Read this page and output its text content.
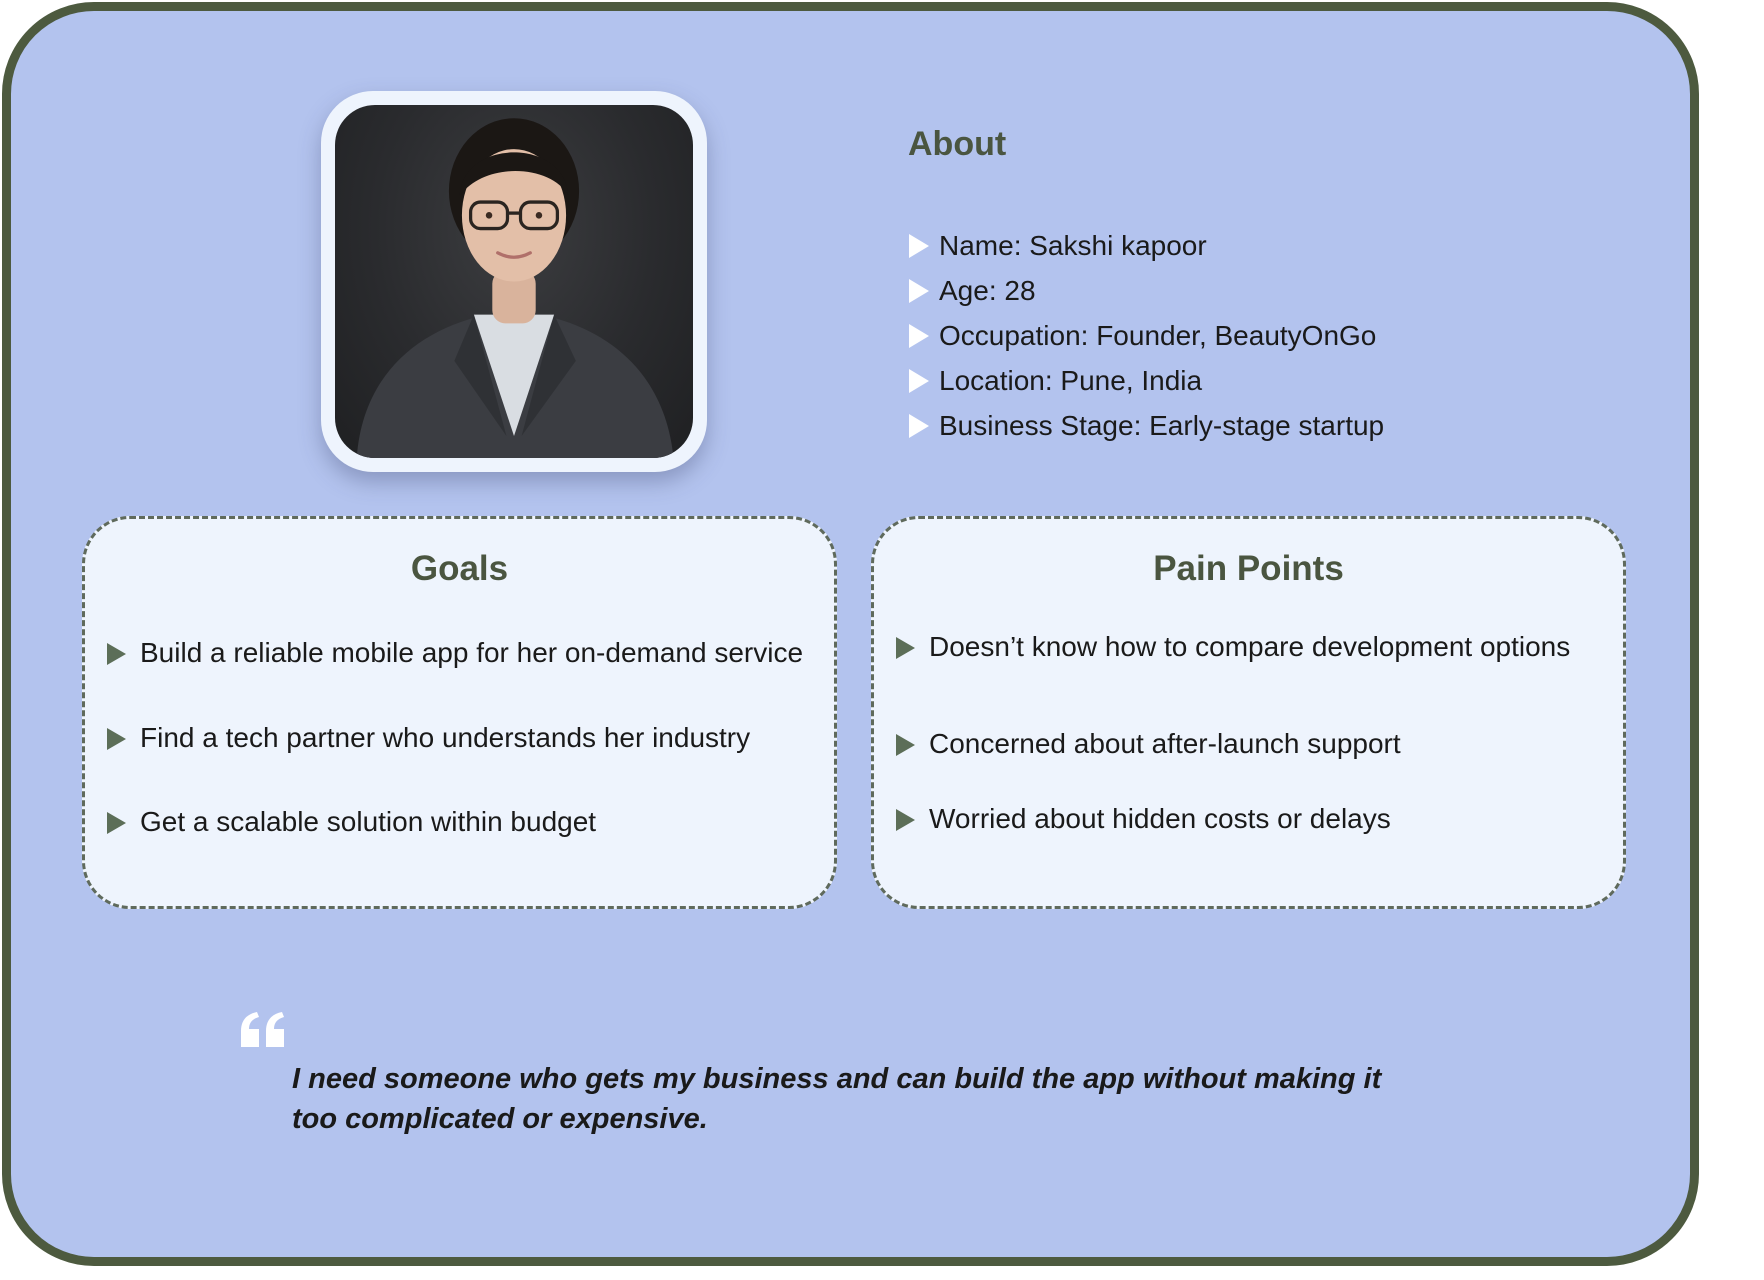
About
Name: Sakshi kapoor
Age: 28
Occupation: Founder, BeautyOnGo
Location: Pune, India
Business Stage: Early-stage startup
Goals
Build a reliable mobile app for her on-demand service
Find a tech partner who understands her industry
Get a scalable solution within budget
Pain Points
Doesn’t know how to compare development options
Concerned about after-launch support
Worried about hidden costs or delays
I need someone who gets my business and can build the app without making it too complicated or expensive.
